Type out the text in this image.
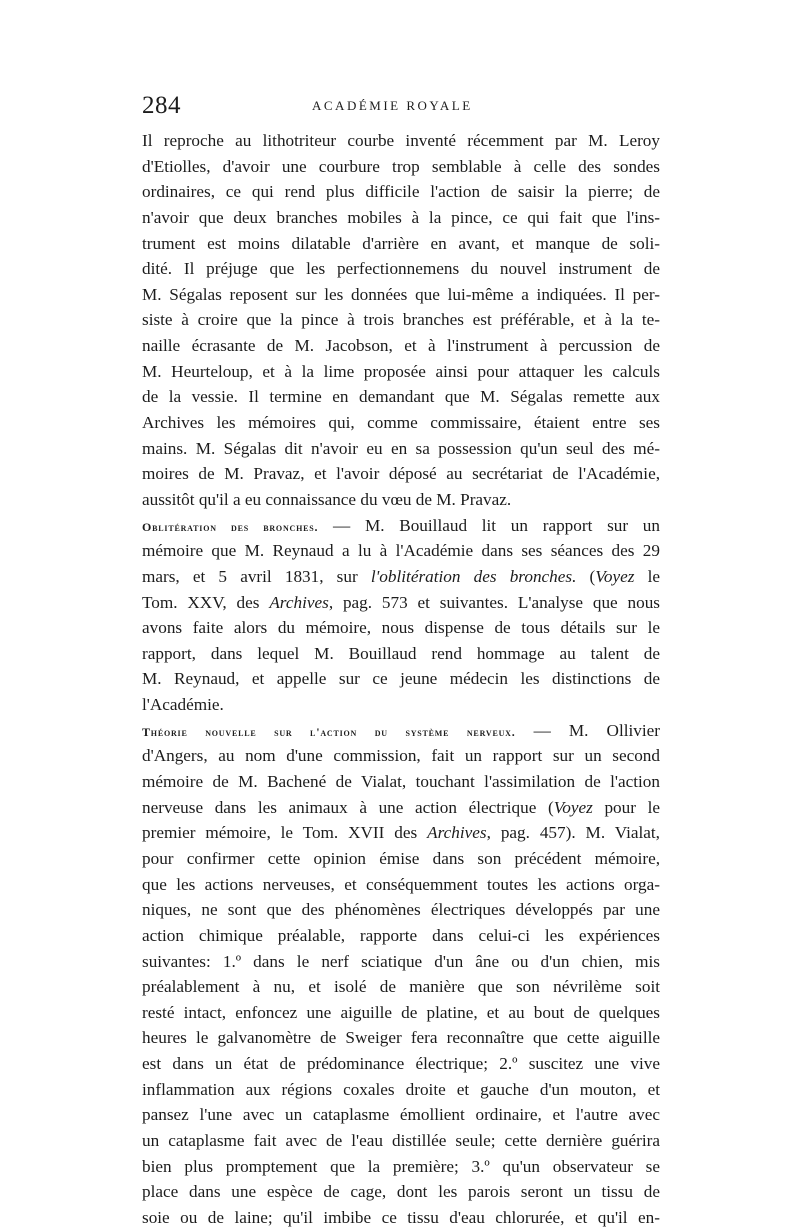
284	ACADÉMIE ROYALE
Il reproche au lithotriteur courbe inventé récemment par M. Leroy
d'Etiolles, d'avoir une courbure trop semblable à celle des sondes
ordinaires, ce qui rend plus difficile l'action de saisir la pierre; de
n'avoir que deux branches mobiles à la pince, ce qui fait que l'ins-
trument est moins dilatable d'arrière en avant, et manque de soli-
dité. Il préjuge que les perfectionnemens du nouvel instrument de
M. Ségalas reposent sur les données que lui-même a indiquées. Il per-
siste à croire que la pince à trois branches est préférable, et à la te-
naille écrasante de M. Jacobson, et à l'instrument à percussion de
M. Heurteloup, et à la lime proposée ainsi pour attaquer les calculs
de la vessie. Il termine en demandant que M. Ségalas remette aux
Archives les mémoires qui, comme commissaire, étaient entre ses
mains. M. Ségalas dit n'avoir eu en sa possession qu'un seul des mé-
moires de M. Pravaz, et l'avoir déposé au secrétariat de l'Académie,
aussitôt qu'il a eu connaissance du vœu de M. Pravaz.
Oblitération des bronches. — M. Bouillaud lit un rapport sur un
mémoire que M. Reynaud a lu à l'Académie dans ses séances des 29
mars, et 5 avril 1831, sur l'oblitération des bronches. (Voyez le
Tom. XXV, des Archives, pag. 573 et suivantes. L'analyse que nous
avons faite alors du mémoire, nous dispense de tous détails sur le
rapport, dans lequel M. Bouillaud rend hommage au talent de
M. Reynaud, et appelle sur ce jeune médecin les distinctions de
l'Académie.
Théorie nouvelle sur l'action du système nerveux. — M. Ollivier
d'Angers, au nom d'une commission, fait un rapport sur un second
mémoire de M. Bachené de Vialat, touchant l'assimilation de l'action
nerveuse dans les animaux à une action électrique (Voyez pour le
premier mémoire, le Tom. XVII des Archives, pag. 457). M. Vialat,
pour confirmer cette opinion émise dans son précédent mémoire,
que les actions nerveuses, et conséquemment toutes les actions orga-
niques, ne sont que des phénomènes électriques développés par une
action chimique préalable, rapporte dans celui-ci les expériences
suivantes: 1.º dans le nerf sciatique d'un âne ou d'un chien, mis
préalablement à nu, et isolé de manière que son névrilème soit
resté intact, enfoncez une aiguille de platine, et au bout de quelques
heures le galvanomètre de Sweiger fera reconnaître que cette aiguille
est dans un état de prédominance électrique; 2.º suscitez une vive
inflammation aux régions coxales droite et gauche d'un mouton, et
pansez l'une avec un cataplasme émollient ordinaire, et l'autre avec
un cataplasme fait avec de l'eau distillée seule; cette dernière guérira
bien plus promptement que la première; 3.º qu'un observateur se
place dans une espèce de cage, dont les parois seront un tissu de
soie ou de laine; qu'il imbibe ce tissu d'eau chlorurée, et qu'il en-
